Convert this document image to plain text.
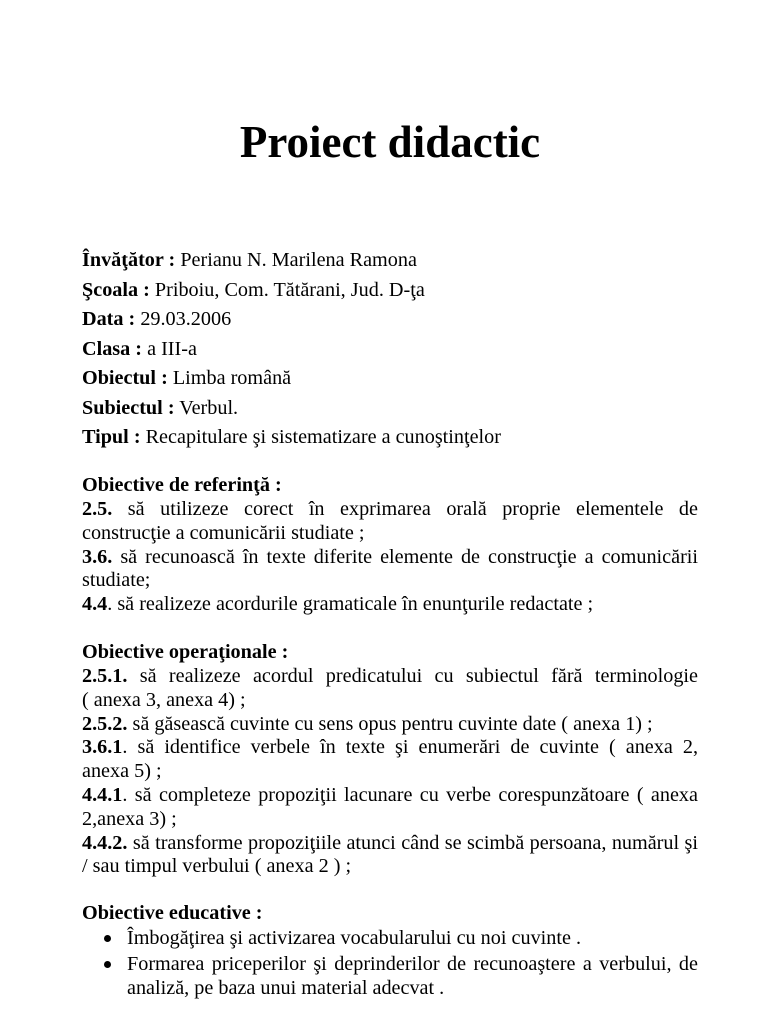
Proiect didactic
Învăţător : Perianu N. Marilena Ramona
Şcoala : Priboiu, Com. Tătărani, Jud. D-ţa
Data : 29.03.2006
Clasa : a III-a
Obiectul : Limba română
Subiectul : Verbul.
Tipul : Recapitulare şi sistematizare a cunoştinţelor
Obiective de referinţă :
2.5. să utilizeze corect în exprimarea orală proprie elementele de
construcţie a comunicării studiate ;
3.6. să recunoască în texte diferite elemente de construcţie a comunicării
studiate;
4.4. să realizeze acordurile gramaticale în enunţurile redactate ;
Obiective operaţionale :
2.5.1. să realizeze acordul predicatului cu subiectul fără terminologie
( anexa 3, anexa 4) ;
2.5.2. să găsească cuvinte cu sens opus pentru cuvinte date ( anexa 1) ;
3.6.1. să identifice verbele în texte şi enumerări de cuvinte ( anexa 2,
anexa 5) ;
4.4.1. să completeze propoziţii lacunare cu verbe corespunzătoare ( anexa
2,anexa 3) ;
4.4.2. să transforme propoziţiile atunci când se scimbă persoana, numărul şi
/ sau timpul verbului ( anexa 2 ) ;
Obiective educative :
Îmbogăţirea şi activizarea vocabularului cu noi cuvinte .
Formarea priceperilor şi deprinderilor de recunoaştere a verbului, de
analiză, pe baza unui material adecvat .
